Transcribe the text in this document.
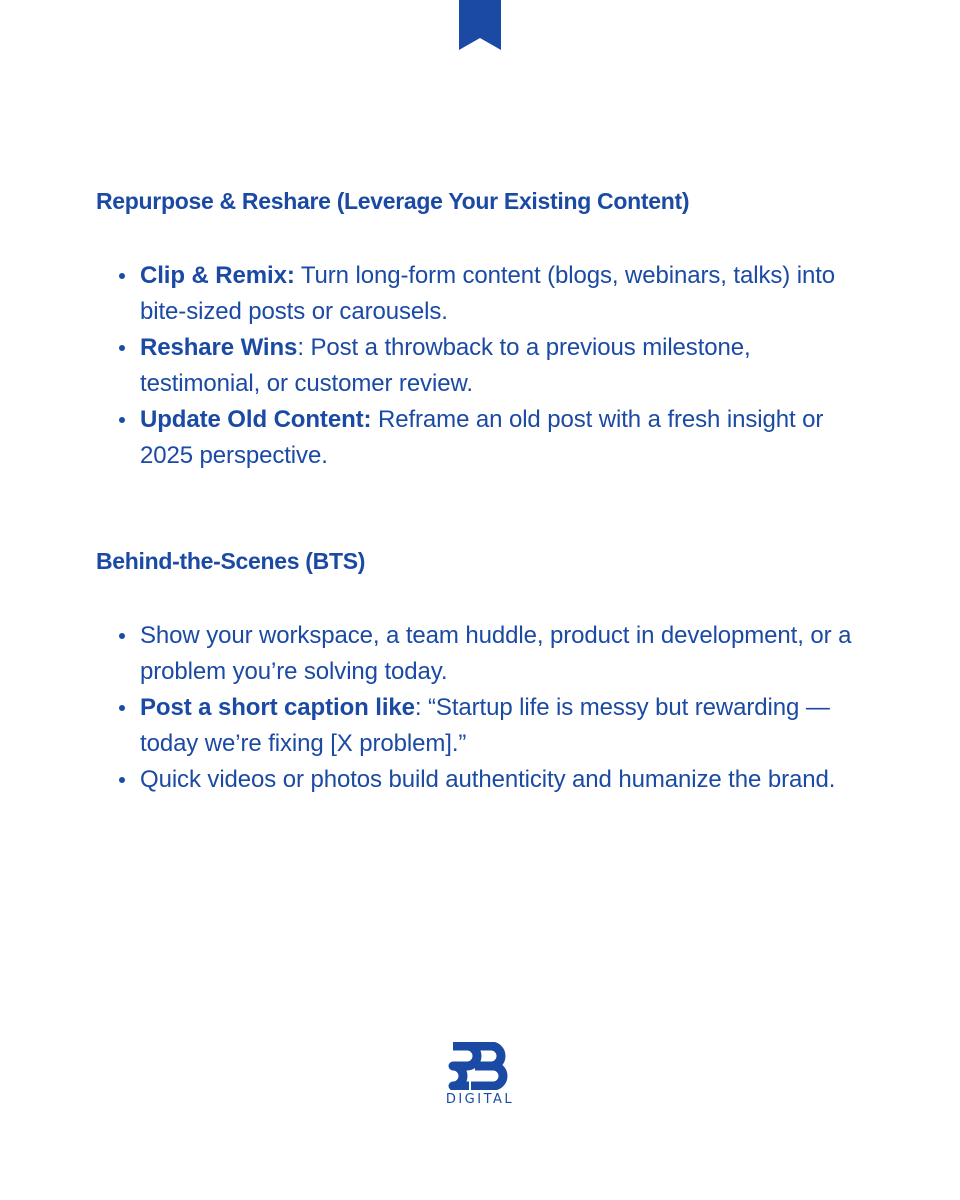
Repurpose & Reshare (Leverage Your Existing Content)
Clip & Remix: Turn long-form content (blogs, webinars, talks) into bite-sized posts or carousels.
Reshare Wins: Post a throwback to a previous milestone, testimonial, or customer review.
Update Old Content: Reframe an old post with a fresh insight or 2025 perspective.
Behind-the-Scenes (BTS)
Show your workspace, a team huddle, product in development, or a problem you’re solving today.
Post a short caption like: “Startup life is messy but rewarding — today we’re fixing [X problem].”
Quick videos or photos build authenticity and humanize the brand.
DIGITAL
